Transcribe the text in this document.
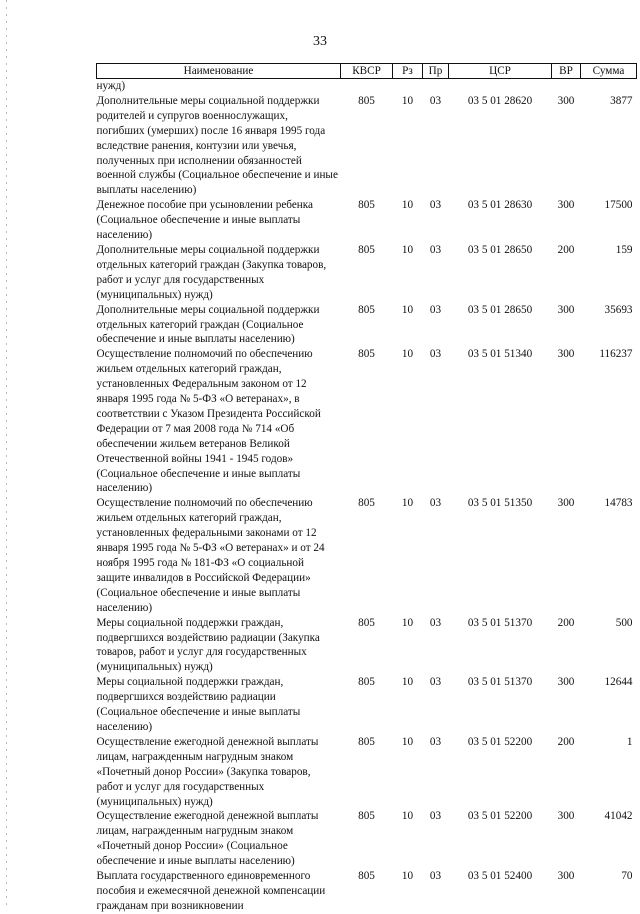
33
Наименование	КВСР	Рз	Пр	ЦСР	ВР	Сумма
нужд)						
Дополнительные меры социальной поддержки родителей и супругов военнослужащих, погибших (умерших) после 16 января 1995 года вследствие ранения, контузии или увечья, полученных при исполнении обязанностей военной службы (Социальное обеспечение и иные выплаты населению)	805	10	03	03 5 01 28620	300	3877
Денежное пособие при усыновлении ребенка (Социальное обеспечение и иные выплаты населению)	805	10	03	03 5 01 28630	300	17500
Дополнительные меры социальной поддержки отдельных категорий граждан (Закупка товаров, работ и услуг для государственных (муниципальных) нужд)	805	10	03	03 5 01 28650	200	159
Дополнительные меры социальной поддержки отдельных категорий граждан (Социальное обеспечение и иные выплаты населению)	805	10	03	03 5 01 28650	300	35693
Осуществление полномочий по обеспечению жильем отдельных категорий граждан, установленных Федеральным законом от 12 января 1995 года № 5-ФЗ «О ветеранах», в соответствии с Указом Президента Российской Федерации от 7 мая 2008 года № 714 «Об обеспечении жильем ветеранов Великой Отечественной войны 1941 - 1945 годов» (Социальное обеспечение и иные выплаты населению)	805	10	03	03 5 01 51340	300	116237
Осуществление полномочий по обеспечению жильем отдельных категорий граждан, установленных федеральными законами от 12 января 1995 года № 5-ФЗ «О ветеранах» и от 24 ноября 1995 года № 181-ФЗ «О социальной защите инвалидов в Российской Федерации» (Социальное обеспечение и иные выплаты населению)	805	10	03	03 5 01 51350	300	14783
Меры социальной поддержки граждан, подвергшихся воздействию радиации (Закупка товаров, работ и услуг для государственных (муниципальных) нужд)	805	10	03	03 5 01 51370	200	500
Меры социальной поддержки граждан, подвергшихся воздействию радиации (Социальное обеспечение и иные выплаты населению)	805	10	03	03 5 01 51370	300	12644
Осуществление ежегодной денежной выплаты лицам, награжденным нагрудным знаком «Почетный донор России» (Закупка товаров, работ и услуг для государственных (муниципальных) нужд)	805	10	03	03 5 01 52200	200	1
Осуществление ежегодной денежной выплаты лицам, награжденным нагрудным знаком «Почетный донор России» (Социальное обеспечение и иные выплаты населению)	805	10	03	03 5 01 52200	300	41042
Выплата государственного единовременного пособия и ежемесячной денежной компенсации гражданам при возникновении	805	10	03	03 5 01 52400	300	70
